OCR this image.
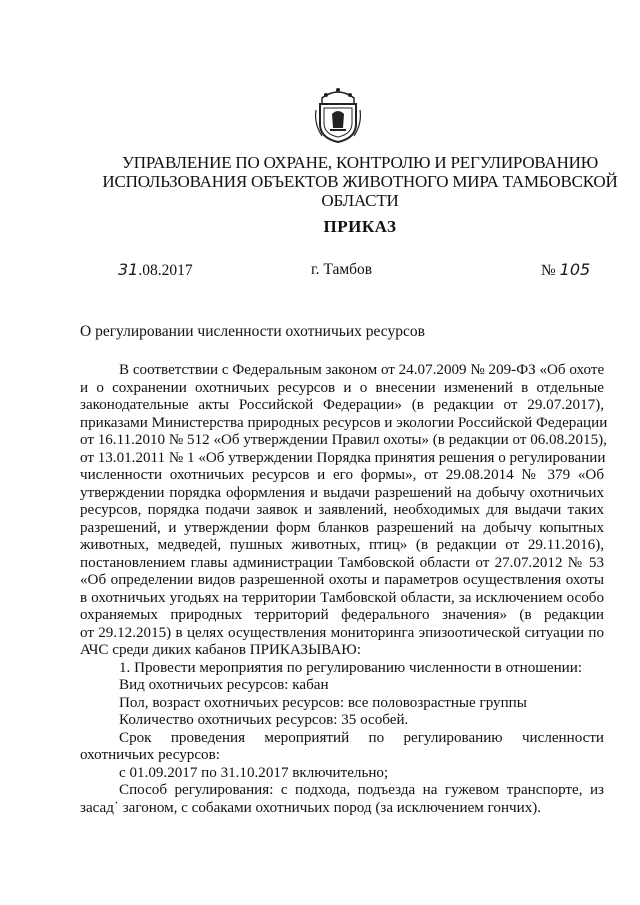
УПРАВЛЕНИЕ ПО ОХРАНЕ, КОНТРОЛЮ И РЕГУЛИРОВАНИЮ
ИСПОЛЬЗОВАНИЯ ОБЪЕКТОВ ЖИВОТНОГО МИРА ТАМБОВСКОЙ ОБЛАСТИ
ПРИКАЗ
31.08.2017	г. Тамбов	№ 105
О регулировании численности охотничьих ресурсов
В соответствии с Федеральным законом от 24.07.2009 № 209-ФЗ «Об охоте
и о сохранении охотничьих ресурсов и о внесении изменений в отдельные
законодательные акты Российской Федерации» (в редакции от 29.07.2017),
приказами Министерства природных ресурсов и экологии Российской Федерации
от 16.11.2010 № 512 «Об утверждении Правил охоты» (в редакции от 06.08.2015),
от 13.01.2011 № 1 «Об утверждении Порядка принятия решения о регулировании
численности охотничьих ресурсов и его формы», от 29.08.2014 № 379 «Об
утверждении порядка оформления и выдачи разрешений на добычу охотничьих
ресурсов, порядка подачи заявок и заявлений, необходимых для выдачи таких
разрешений, и утверждении форм бланков разрешений на добычу копытных
животных, медведей, пушных животных, птиц» (в редакции от 29.11.2016),
постановлением главы администрации Тамбовской области от 27.07.2012 № 53
«Об определении видов разрешенной охоты и параметров осуществления охоты
в охотничьих угодьях на территории Тамбовской области, за исключением особо
охраняемых природных территорий федерального значения» (в редакции
от 29.12.2015) в целях осуществления мониторинга эпизоотической ситуации по
АЧС среди диких кабанов ПРИКАЗЫВАЮ:
1. Провести мероприятия по регулированию численности в отношении:
Вид охотничьих ресурсов: кабан
Пол, возраст охотничьих ресурсов: все половозрастные группы
Количество охотничьих ресурсов: 35 особей.
Срок проведения мероприятий по регулированию численности
охотничьих ресурсов:
с 01.09.2017 по 31.10.2017 включительно;
Способ регулирования: с подхода, подъезда на гужевом транспорте, из
засад˙ загоном, с собаками охотничьих пород (за исключением гончих).
